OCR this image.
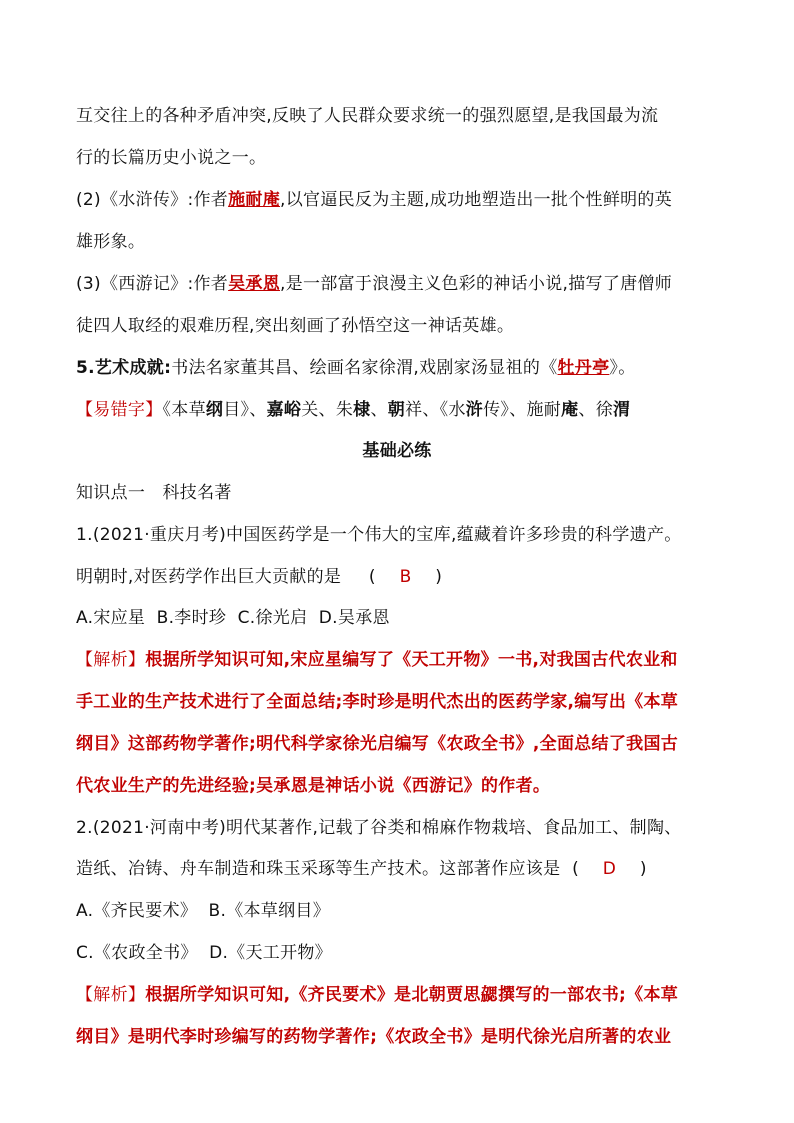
互交往上的各种矛盾冲突,反映了人民群众要求统一的强烈愿望,是我国最为流
行的长篇历史小说之一。
(2)《水浒传》:作者施耐庵,以官逼民反为主题,成功地塑造出一批个性鲜明的英
雄形象。
(3)《西游记》:作者吴承恩,是一部富于浪漫主义色彩的神话小说,描写了唐僧师
徒四人取经的艰难历程,突出刻画了孙悟空这一神话英雄。
5.艺术成就:书法名家董其昌、绘画名家徐渭,戏剧家汤显祖的《牡丹亭》。
【易错字】《本草纲目》、嘉峪关、朱棣、朝祥、《水浒传》、施耐庵、徐渭
基础必练
知识点一　科技名著
1.(2021·重庆月考)中国医药学是一个伟大的宝库,蕴藏着许多珍贵的科学遗产。
明朝时,对医药学作出巨大贡献的是 ( B )
A.宋应星  B.李时珍  C.徐光启  D.吴承恩
【解析】根据所学知识可知,宋应星编写了《天工开物》一书,对我国古代农业和
手工业的生产技术进行了全面总结;李时珍是明代杰出的医药学家,编写出《本草
纲目》这部药物学著作;明代科学家徐光启编写《农政全书》,全面总结了我国古
代农业生产的先进经验;吴承恩是神话小说《西游记》的作者。
2.(2021·河南中考)明代某著作,记载了谷类和棉麻作物栽培、食品加工、制陶、
造纸、冶铸、舟车制造和珠玉采琢等生产技术。这部著作应该是 ( D )
A.《齐民要术》  B.《本草纲目》
C.《农政全书》  D.《天工开物》
【解析】根据所学知识可知,《齐民要术》是北朝贾思勰撰写的一部农书;《本草
纲目》是明代李时珍编写的药物学著作;《农政全书》是明代徐光启所著的农业
